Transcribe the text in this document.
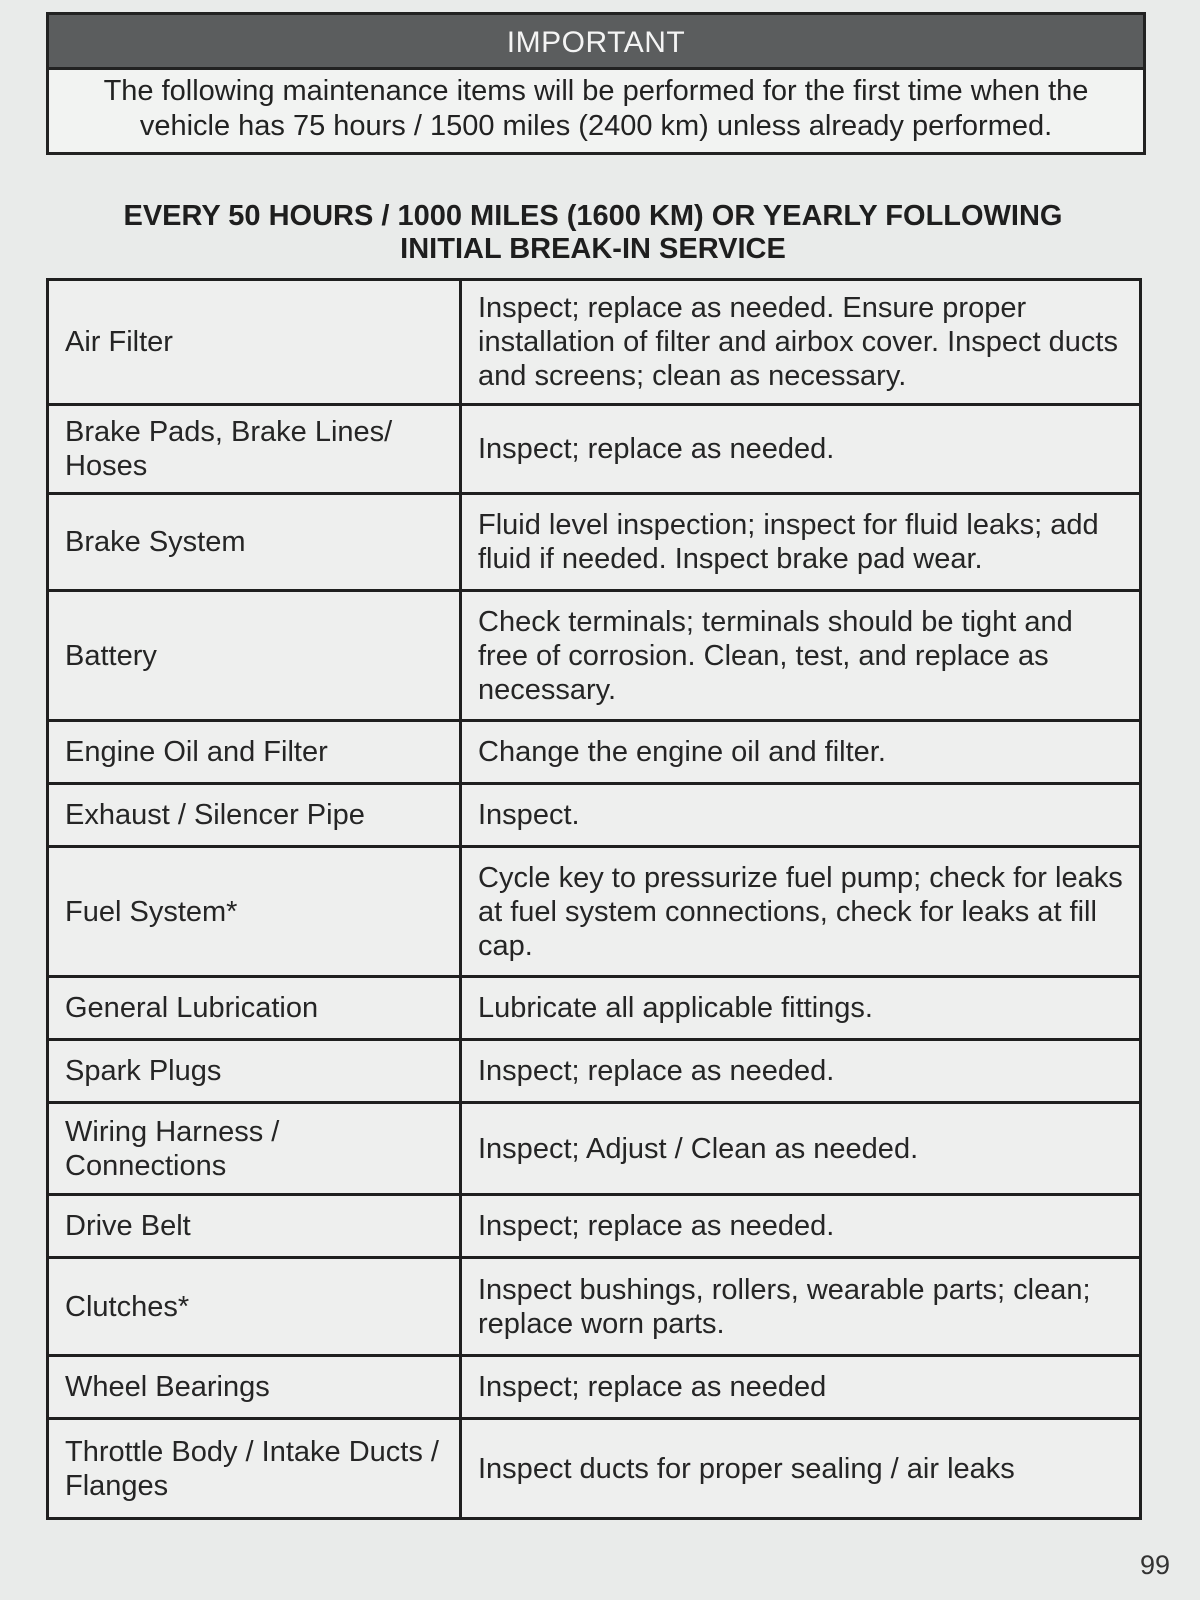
IMPORTANT
The following maintenance items will be performed for the first time when the vehicle has 75 hours / 1500 miles (2400 km) unless already performed.
EVERY 50 HOURS / 1000 MILES (1600 KM) OR YEARLY FOLLOWING
INITIAL BREAK-IN SERVICE
Air Filter	Inspect; replace as needed. Ensure proper installation of filter and airbox cover. Inspect ducts and screens; clean as necessary.
Brake Pads, Brake Lines/ Hoses	Inspect; replace as needed.
Brake System	Fluid level inspection; inspect for fluid leaks; add fluid if needed. Inspect brake pad wear.
Battery	Check terminals; terminals should be tight and free of corrosion. Clean, test, and replace as necessary.
Engine Oil and Filter	Change the engine oil and filter.
Exhaust / Silencer Pipe	Inspect.
Fuel System*	Cycle key to pressurize fuel pump; check for leaks at fuel system connections, check for leaks at fill cap.
General Lubrication	Lubricate all applicable fittings.
Spark Plugs	Inspect; replace as needed.
Wiring Harness / Connections	Inspect; Adjust / Clean as needed.
Drive Belt	Inspect; replace as needed.
Clutches*	Inspect bushings, rollers, wearable parts; clean; replace worn parts.
Wheel Bearings	Inspect; replace as needed
Throttle Body / Intake Ducts / Flanges	Inspect ducts for proper sealing / air leaks
99
